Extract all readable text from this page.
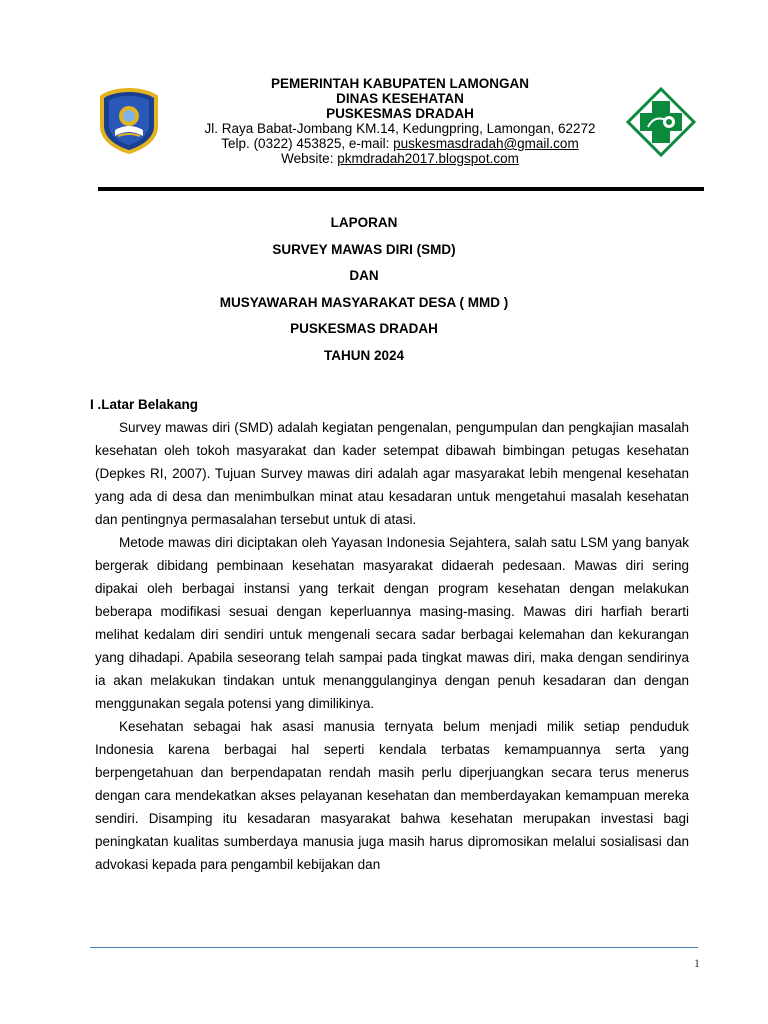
PEMERINTAH KABUPATEN LAMONGAN
DINAS KESEHATAN
PUSKESMAS DRADAH
Jl. Raya Babat-Jombang KM.14, Kedungpring, Lamongan, 62272
Telp. (0322) 453825, e-mail: puskesmasdradah@gmail.com
Website: pkmdradah2017.blogspot.com
LAPORAN
SURVEY MAWAS DIRI (SMD)
DAN
MUSYAWARAH MASYARAKAT DESA ( MMD )
PUSKESMAS DRADAH
TAHUN 2024
I .Latar Belakang

Survey mawas diri (SMD) adalah kegiatan pengenalan, pengumpulan dan pengkajian masalah kesehatan oleh tokoh masyarakat dan kader setempat dibawah bimbingan petugas kesehatan (Depkes RI, 2007). Tujuan Survey mawas diri adalah agar masyarakat lebih mengenal kesehatan yang ada di desa dan menimbulkan minat atau kesadaran untuk mengetahui masalah kesehatan dan pentingnya permasalahan tersebut untuk di atasi.

Metode mawas diri diciptakan oleh Yayasan Indonesia Sejahtera, salah satu LSM yang banyak bergerak dibidang pembinaan kesehatan masyarakat didaerah pedesaan. Mawas diri sering dipakai oleh berbagai instansi yang terkait dengan program kesehatan dengan melakukan beberapa modifikasi sesuai dengan keperluannya masing-masing. Mawas diri harfiah berarti melihat kedalam diri sendiri untuk mengenali secara sadar berbagai kelemahan dan kekurangan yang dihadapi. Apabila seseorang telah sampai pada tingkat mawas diri, maka dengan sendirinya ia akan melakukan tindakan untuk menanggulanginya dengan penuh kesadaran dan dengan menggunakan segala potensi yang dimilikinya.

Kesehatan sebagai hak asasi manusia ternyata belum menjadi milik setiap penduduk Indonesia karena berbagai hal seperti kendala terbatas kemampuannya serta yang berpengetahuan dan berpendapatan rendah masih perlu diperjuangkan secara terus menerus dengan cara mendekatkan akses pelayanan kesehatan dan memberdayakan kemampuan mereka sendiri. Disamping itu kesadaran masyarakat bahwa kesehatan merupakan investasi bagi peningkatan kualitas sumberdaya manusia juga masih harus dipromosikan melalui sosialisasi dan advokasi kepada para pengambil kebijakan dan

1
